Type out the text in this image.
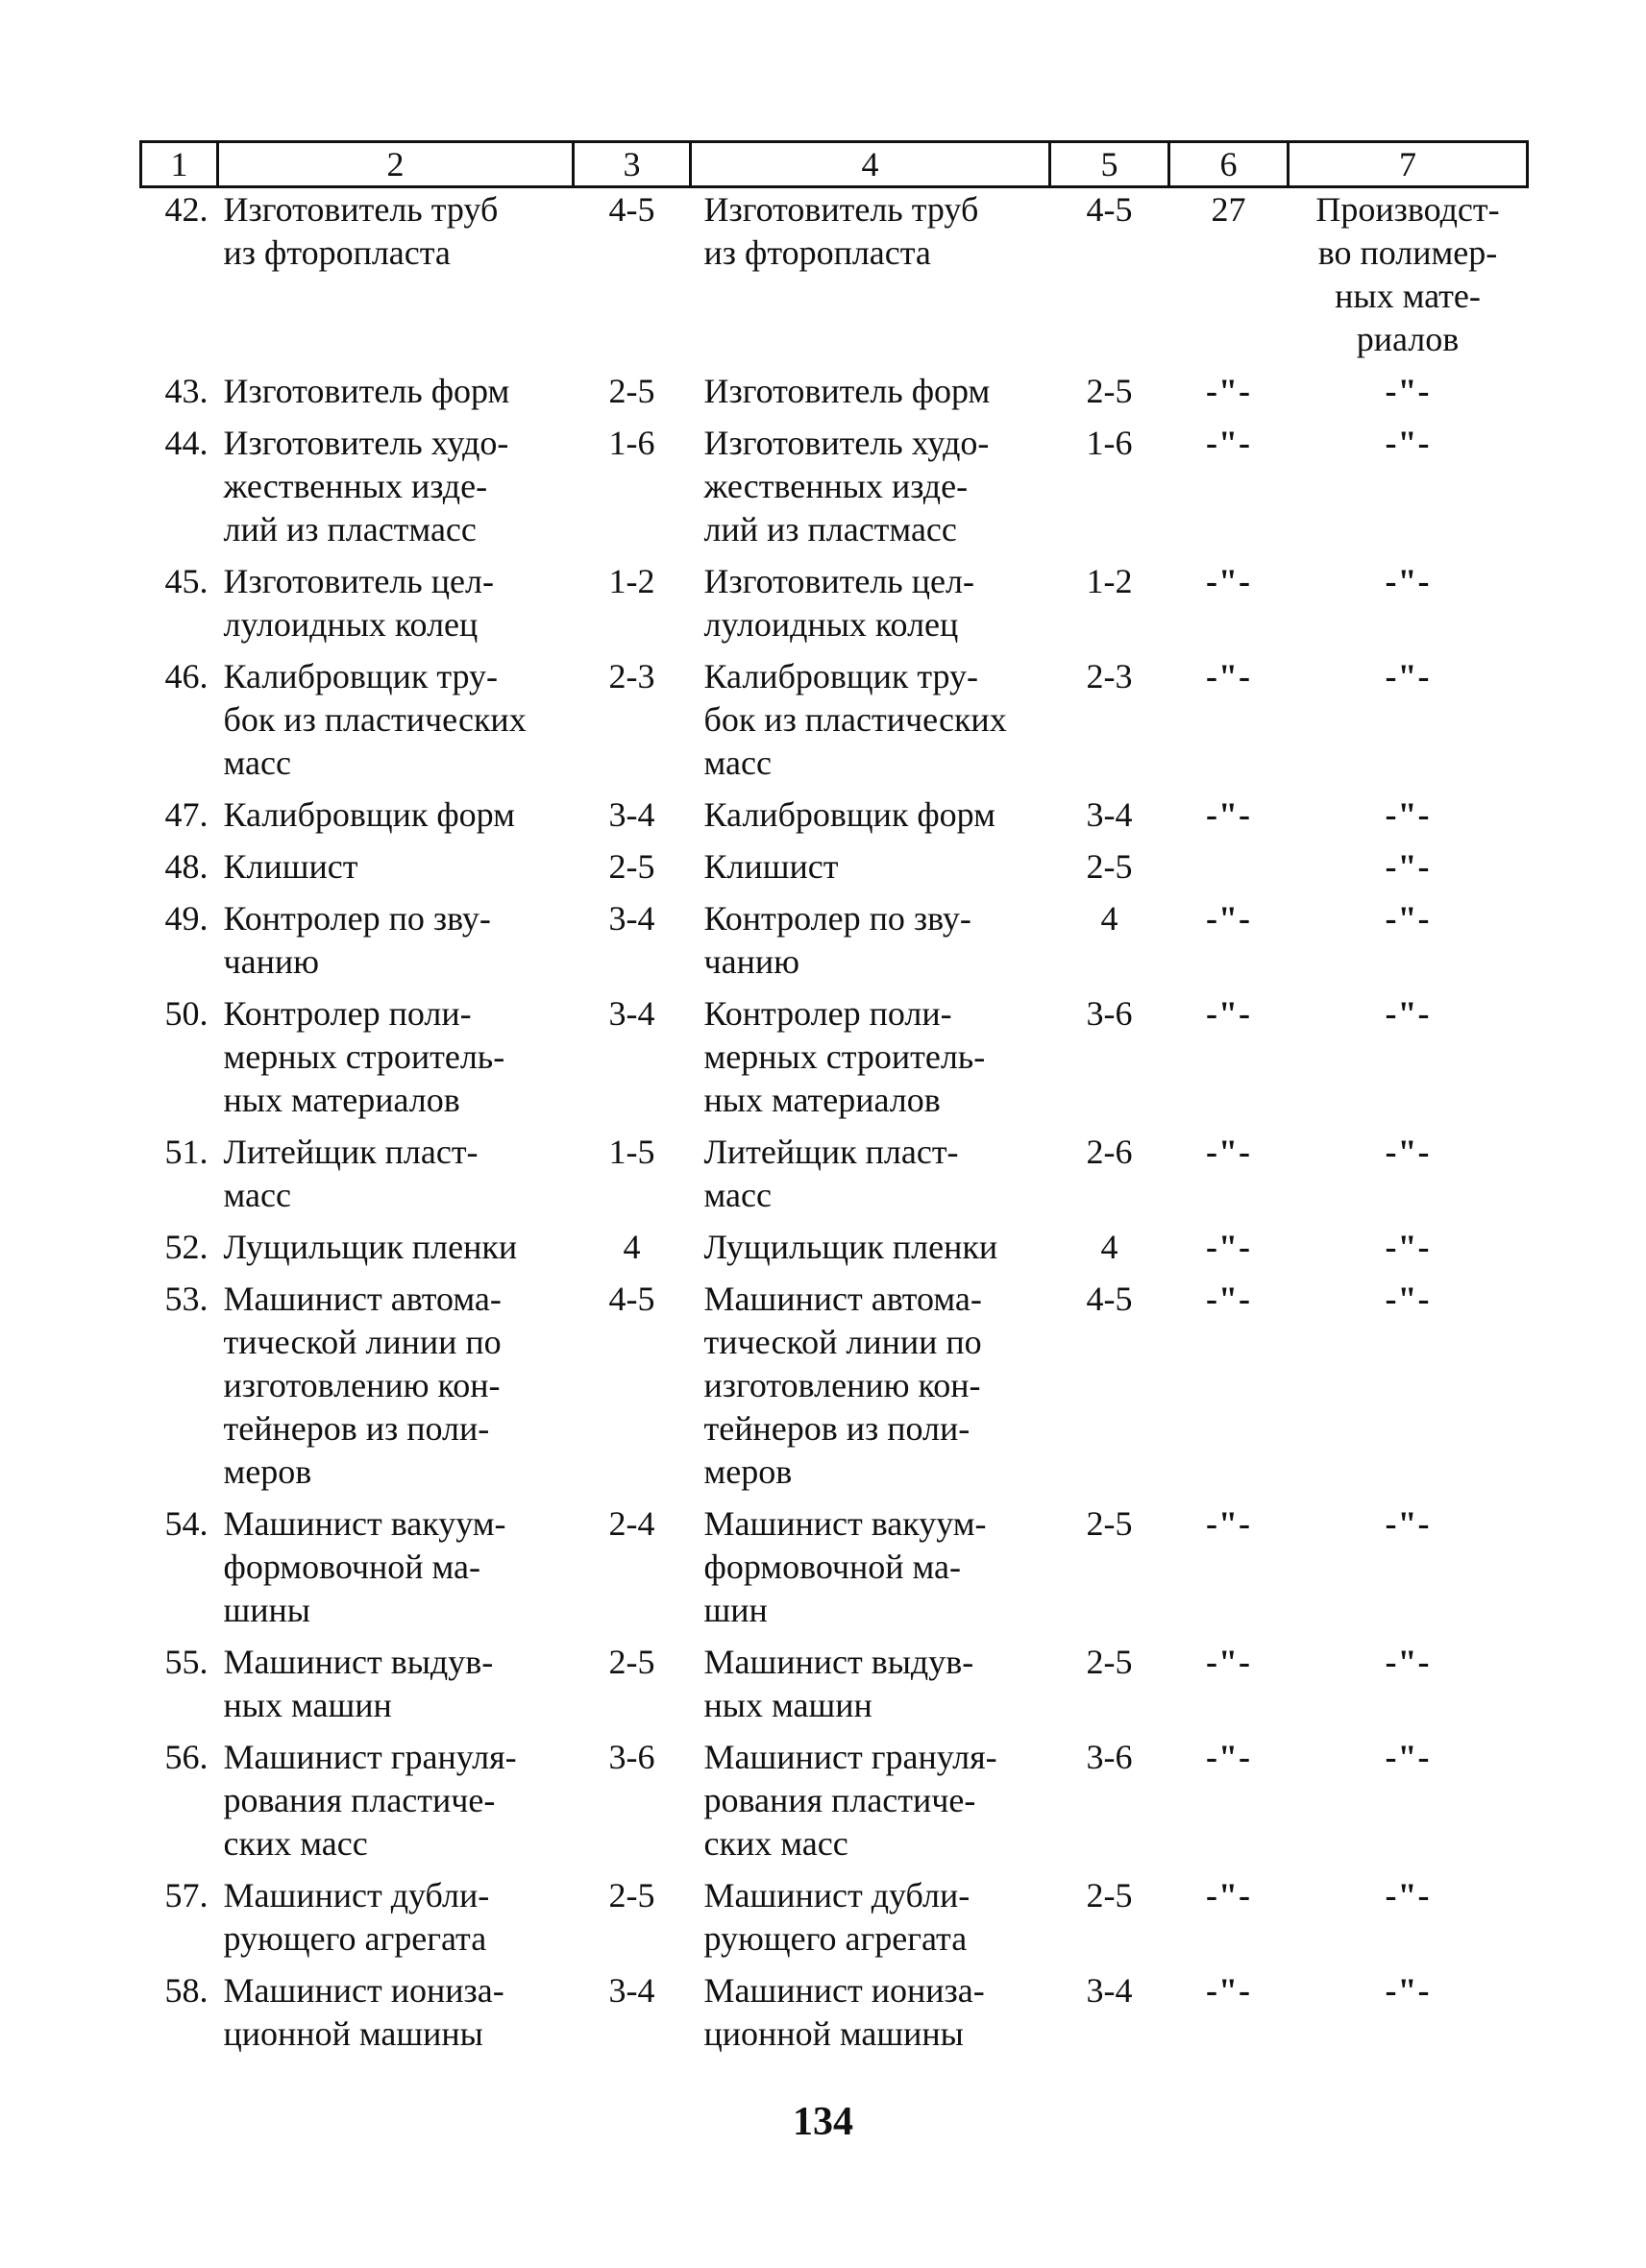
1	2	3	4	5	6	7
42.	Изготовитель труб
из фторопласта	4-5	Изготовитель труб
из фторопласта	4-5	27	Производст-
во полимер-
ных мате-
риалов
43.	Изготовитель форм	2-5	Изготовитель форм	2-5	-"-	-"-
44.	Изготовитель худо-
жественных изде-
лий из пластмасс	1-6	Изготовитель худо-
жественных изде-
лий из пластмасс	1-6	-"-	-"-
45.	Изготовитель цел-
лулоидных колец	1-2	Изготовитель цел-
лулоидных колец	1-2	-"-	-"-
46.	Калибровщик тру-
бок из пластических
масс	2-3	Калибровщик тру-
бок из пластических
масс	2-3	-"-	-"-
47.	Калибровщик форм	3-4	Калибровщик форм	3-4	-"-	-"-
48.	Клишист	2-5	Клишист	2-5		-"-
49.	Контролер по зву-
чанию	3-4	Контролер по зву-
чанию	4	-"-	-"-
50.	Контролер поли-
мерных строитель-
ных материалов	3-4	Контролер поли-
мерных строитель-
ных материалов	3-6	-"-	-"-
51.	Литейщик пласт-
масс	1-5	Литейщик пласт-
масс	2-6	-"-	-"-
52.	Лущильщик пленки	4	Лущильщик пленки	4	-"-	-"-
53.	Машинист автома-
тической линии по
изготовлению кон-
тейнеров из поли-
меров	4-5	Машинист автома-
тической линии по
изготовлению кон-
тейнеров из поли-
меров	4-5	-"-	-"-
54.	Машинист вакуум-
формовочной ма-
шины	2-4	Машинист вакуум-
формовочной ма-
шин	2-5	-"-	-"-
55.	Машинист выдув-
ных машин	2-5	Машинист выдув-
ных машин	2-5	-"-	-"-
56.	Машинист грануля-
рования пластиче-
ских масс	3-6	Машинист грануля-
рования пластиче-
ских масс	3-6	-"-	-"-
57.	Машинист дубли-
рующего агрегата	2-5	Машинист дубли-
рующего агрегата	2-5	-"-	-"-
58.	Машинист иониза-
ционной машины	3-4	Машинист иониза-
ционной машины	3-4	-"-	-"-
134
